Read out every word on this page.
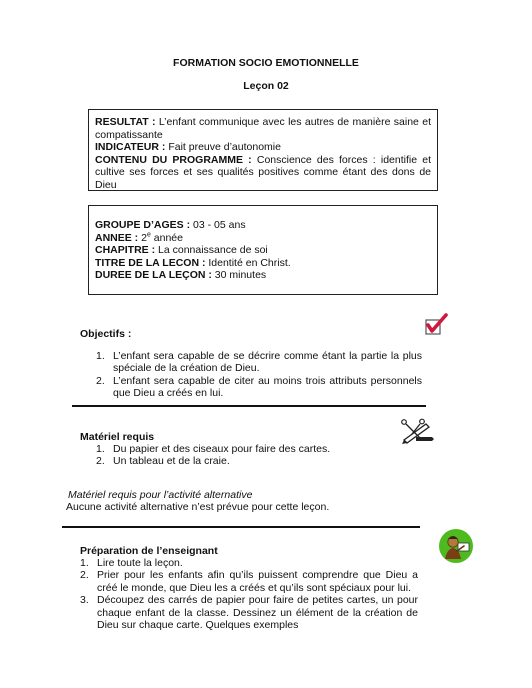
FORMATION SOCIO EMOTIONNELLE
Leçon 02

RESULTAT : L’enfant communique avec les autres de manière saine et compatissante

INDICATEUR : Fait preuve d’autonomie

CONTENU DU PROGRAMME : Conscience des forces : identifie et cultive ses forces et ses qualités positives comme étant des dons de Dieu

GROUPE D’AGES : 03 - 05 ans

ANNEE : 2e année

CHAPITRE : La connaissance de soi

TITRE DE LA LECON : Identité en Christ.

DUREE DE LA LEÇON : 30 minutes

Objectifs :
1. L’enfant sera capable de se décrire comme étant la partie la plus spéciale de la création de Dieu.
2. L’enfant sera capable de citer au moins trois attributs personnels que Dieu a créés en lui.
Matériel requis
1. Du papier et des ciseaux pour faire des cartes.
2. Un tableau et de la craie.
Matériel requis pour l’activité alternative
Aucune activité alternative n’est prévue pour cette leçon.
Préparation de l’enseignant
1. Lire toute la leçon.
2. Prier pour les enfants afin qu’ils puissent comprendre que Dieu a créé le monde, que Dieu les a créés et qu’ils sont spéciaux pour lui.
3. Découpez des carrés de papier pour faire de petites cartes, un pour chaque enfant de la classe. Dessinez un élément de la création de Dieu sur chaque carte. Quelques exemples
